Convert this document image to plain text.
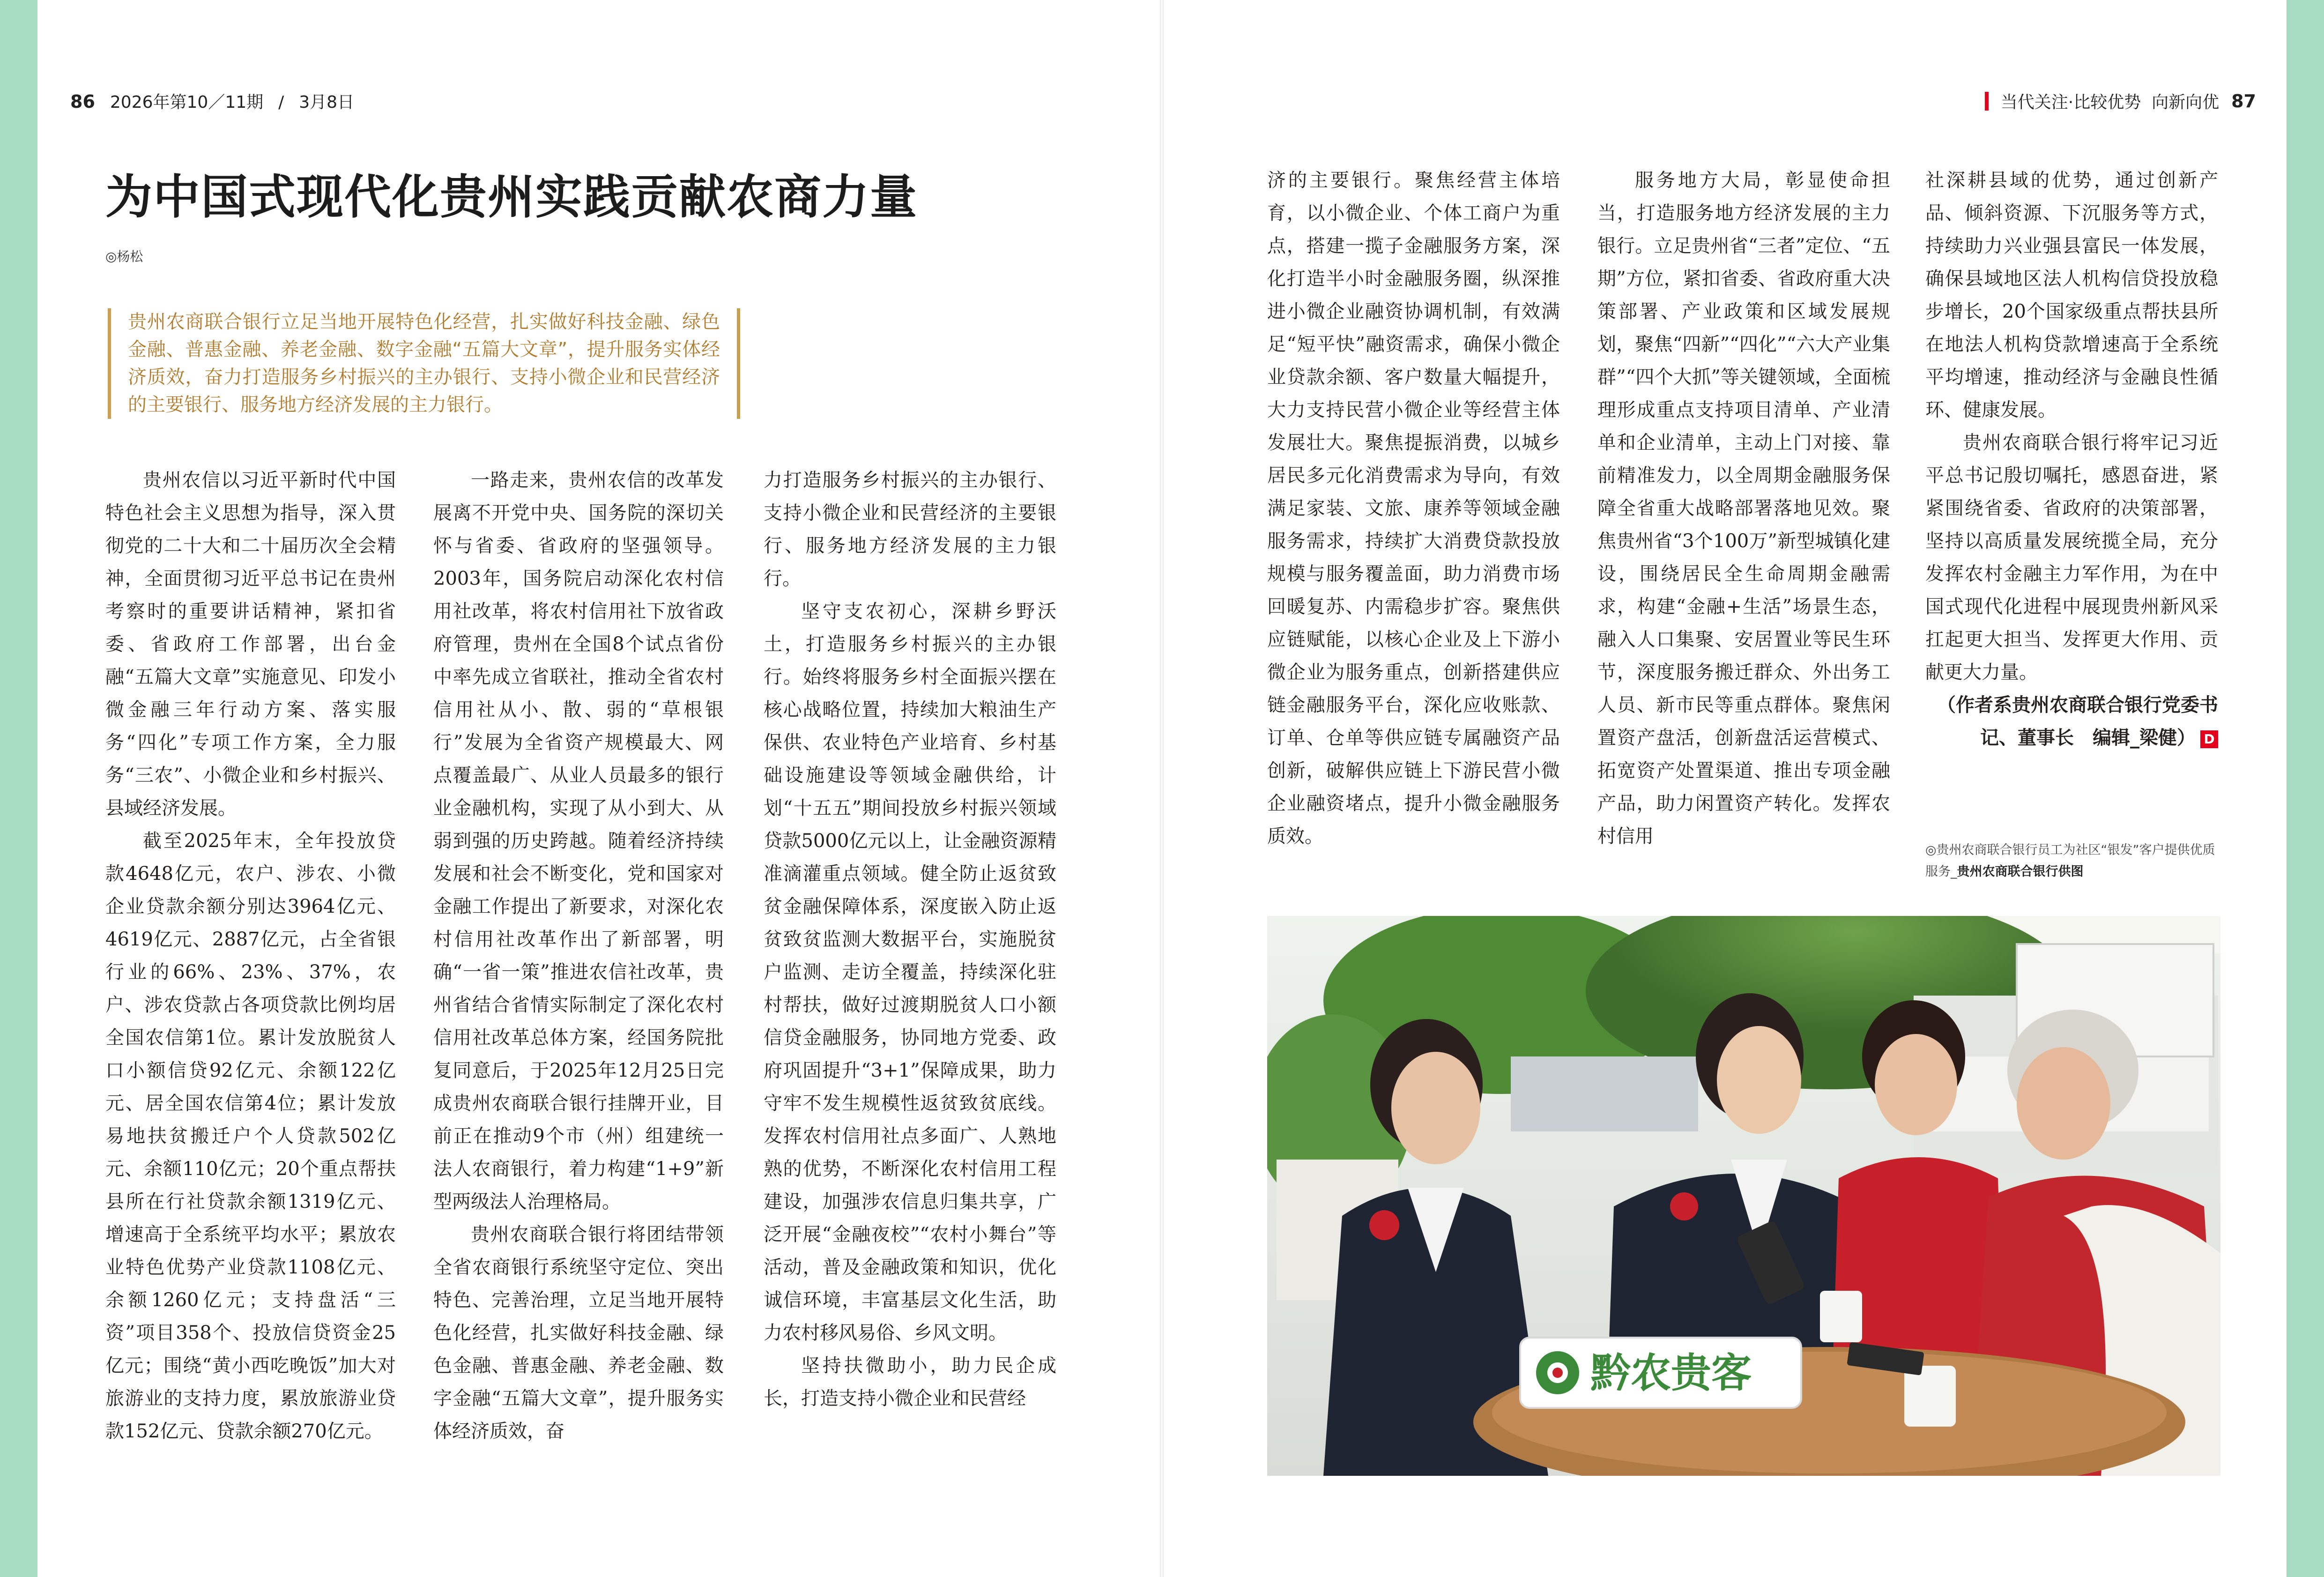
86 2026年第10／11期 / 3月8日	当代关注·比较优势  向新向优 87
为中国式现代化贵州实践贡献农商力量
◎杨松
贵州农商联合银行立足当地开展特色化经营，扎实做好科技金融、绿色金融、普惠金融、养老金融、数字金融“五篇大文章”，提升服务实体经济质效，奋力打造服务乡村振兴的主办银行、支持小微企业和民营经济的主要银行、服务地方经济发展的主力银行。

贵州农信以习近平新时代中国特色社会主义思想为指导，深入贯彻党的二十大和二十届历次全会精神，全面贯彻习近平总书记在贵州考察时的重要讲话精神，紧扣省委、省政府工作部署，出台金融“五篇大文章”实施意见、印发小微金融三年行动方案、落实服务“四化”专项工作方案，全力服务“三农”、小微企业和乡村振兴、县域经济发展。

截至2025年末，全年投放贷款4648亿元，农户、涉农、小微企业贷款余额分别达3964亿元、4619亿元、2887亿元，占全省银行业的66%、23%、37%，农户、涉农贷款占各项贷款比例均居全国农信第1位。累计发放脱贫人口小额信贷92亿元、余额122亿元、居全国农信第4位；累计发放易地扶贫搬迁户个人贷款502亿元、余额110亿元；20个重点帮扶县所在行社贷款余额1319亿元、增速高于全系统平均水平；累放农业特色优势产业贷款1108亿元、余额1260亿元；支持盘活“三资”项目358个、投放信贷资金25亿元；围绕“黄小西吃晚饭”加大对旅游业的支持力度，累放旅游业贷款152亿元、贷款余额270亿元。

一路走来，贵州农信的改革发展离不开党中央、国务院的深切关怀与省委、省政府的坚强领导。2003年，国务院启动深化农村信用社改革，将农村信用社下放省政府管理，贵州在全国8个试点省份中率先成立省联社，推动全省农村信用社从小、散、弱的“草根银行”发展为全省资产规模最大、网点覆盖最广、从业人员最多的银行业金融机构，实现了从小到大、从弱到强的历史跨越。随着经济持续发展和社会不断变化，党和国家对金融工作提出了新要求，对深化农村信用社改革作出了新部署，明确“一省一策”推进农信社改革，贵州省结合省情实际制定了深化农村信用社改革总体方案，经国务院批复同意后，于2025年12月25日完成贵州农商联合银行挂牌开业，目前正在推动9个市（州）组建统一法人农商银行，着力构建“1+9”新型两级法人治理格局。

贵州农商联合银行将团结带领全省农商银行系统坚守定位、突出特色、完善治理，立足当地开展特色化经营，扎实做好科技金融、绿色金融、普惠金融、养老金融、数字金融“五篇大文章”，提升服务实体经济质效，奋

力打造服务乡村振兴的主办银行、支持小微企业和民营经济的主要银行、服务地方经济发展的主力银行。

坚守支农初心，深耕乡野沃土，打造服务乡村振兴的主办银行。始终将服务乡村全面振兴摆在核心战略位置，持续加大粮油生产保供、农业特色产业培育、乡村基础设施建设等领域金融供给，计划“十五五”期间投放乡村振兴领域贷款5000亿元以上，让金融资源精准滴灌重点领域。健全防止返贫致贫金融保障体系，深度嵌入防止返贫致贫监测大数据平台，实施脱贫户监测、走访全覆盖，持续深化驻村帮扶，做好过渡期脱贫人口小额信贷金融服务，协同地方党委、政府巩固提升“3+1”保障成果，助力守牢不发生规模性返贫致贫底线。发挥农村信用社点多面广、人熟地熟的优势，不断深化农村信用工程建设，加强涉农信息归集共享，广泛开展“金融夜校”“农村小舞台”等活动，普及金融政策和知识，优化诚信环境，丰富基层文化生活，助力农村移风易俗、乡风文明。

坚持扶微助小，助力民企成长，打造支持小微企业和民营经

济的主要银行。聚焦经营主体培育，以小微企业、个体工商户为重点，搭建一揽子金融服务方案，深化打造半小时金融服务圈，纵深推进小微企业融资协调机制，有效满足“短平快”融资需求，确保小微企业贷款余额、客户数量大幅提升，大力支持民营小微企业等经营主体发展壮大。聚焦提振消费，以城乡居民多元化消费需求为导向，有效满足家装、文旅、康养等领域金融服务需求，持续扩大消费贷款投放规模与服务覆盖面，助力消费市场回暖复苏、内需稳步扩容。聚焦供应链赋能，以核心企业及上下游小微企业为服务重点，创新搭建供应链金融服务平台，深化应收账款、订单、仓单等供应链专属融资产品创新，破解供应链上下游民营小微企业融资堵点，提升小微金融服务质效。

服务地方大局，彰显使命担当，打造服务地方经济发展的主力银行。立足贵州省“三者”定位、“五期”方位，紧扣省委、省政府重大决策部署、产业政策和区域发展规划，聚焦“四新”“四化”“六大产业集群”“四个大抓”等关键领域，全面梳理形成重点支持项目清单、产业清单和企业清单，主动上门对接、靠前精准发力，以全周期金融服务保障全省重大战略部署落地见效。聚焦贵州省“3个100万”新型城镇化建设，围绕居民全生命周期金融需求，构建“金融+生活”场景生态，融入人口集聚、安居置业等民生环节，深度服务搬迁群众、外出务工人员、新市民等重点群体。聚焦闲置资产盘活，创新盘活运营模式、拓宽资产处置渠道、推出专项金融产品，助力闲置资产转化。发挥农村信用

社深耕县域的优势，通过创新产品、倾斜资源、下沉服务等方式，持续助力兴业强县富民一体发展，确保县域地区法人机构信贷投放稳步增长，20个国家级重点帮扶县所在地法人机构贷款增速高于全系统平均增速，推动经济与金融良性循环、健康发展。

贵州农商联合银行将牢记习近平总书记殷切嘱托，感恩奋进，紧紧围绕省委、省政府的决策部署，坚持以高质量发展统揽全局，充分发挥农村金融主力军作用，为在中国式现代化进程中展现贵州新风采扛起更大担当、发挥更大作用、贡献更大力量。

（作者系贵州农商联合银行党委书记、董事长　编辑_梁健） D

◎贵州农商联合银行员工为社区“银发”客户提供优质服务_贵州农商联合银行供图
黔农贵客
